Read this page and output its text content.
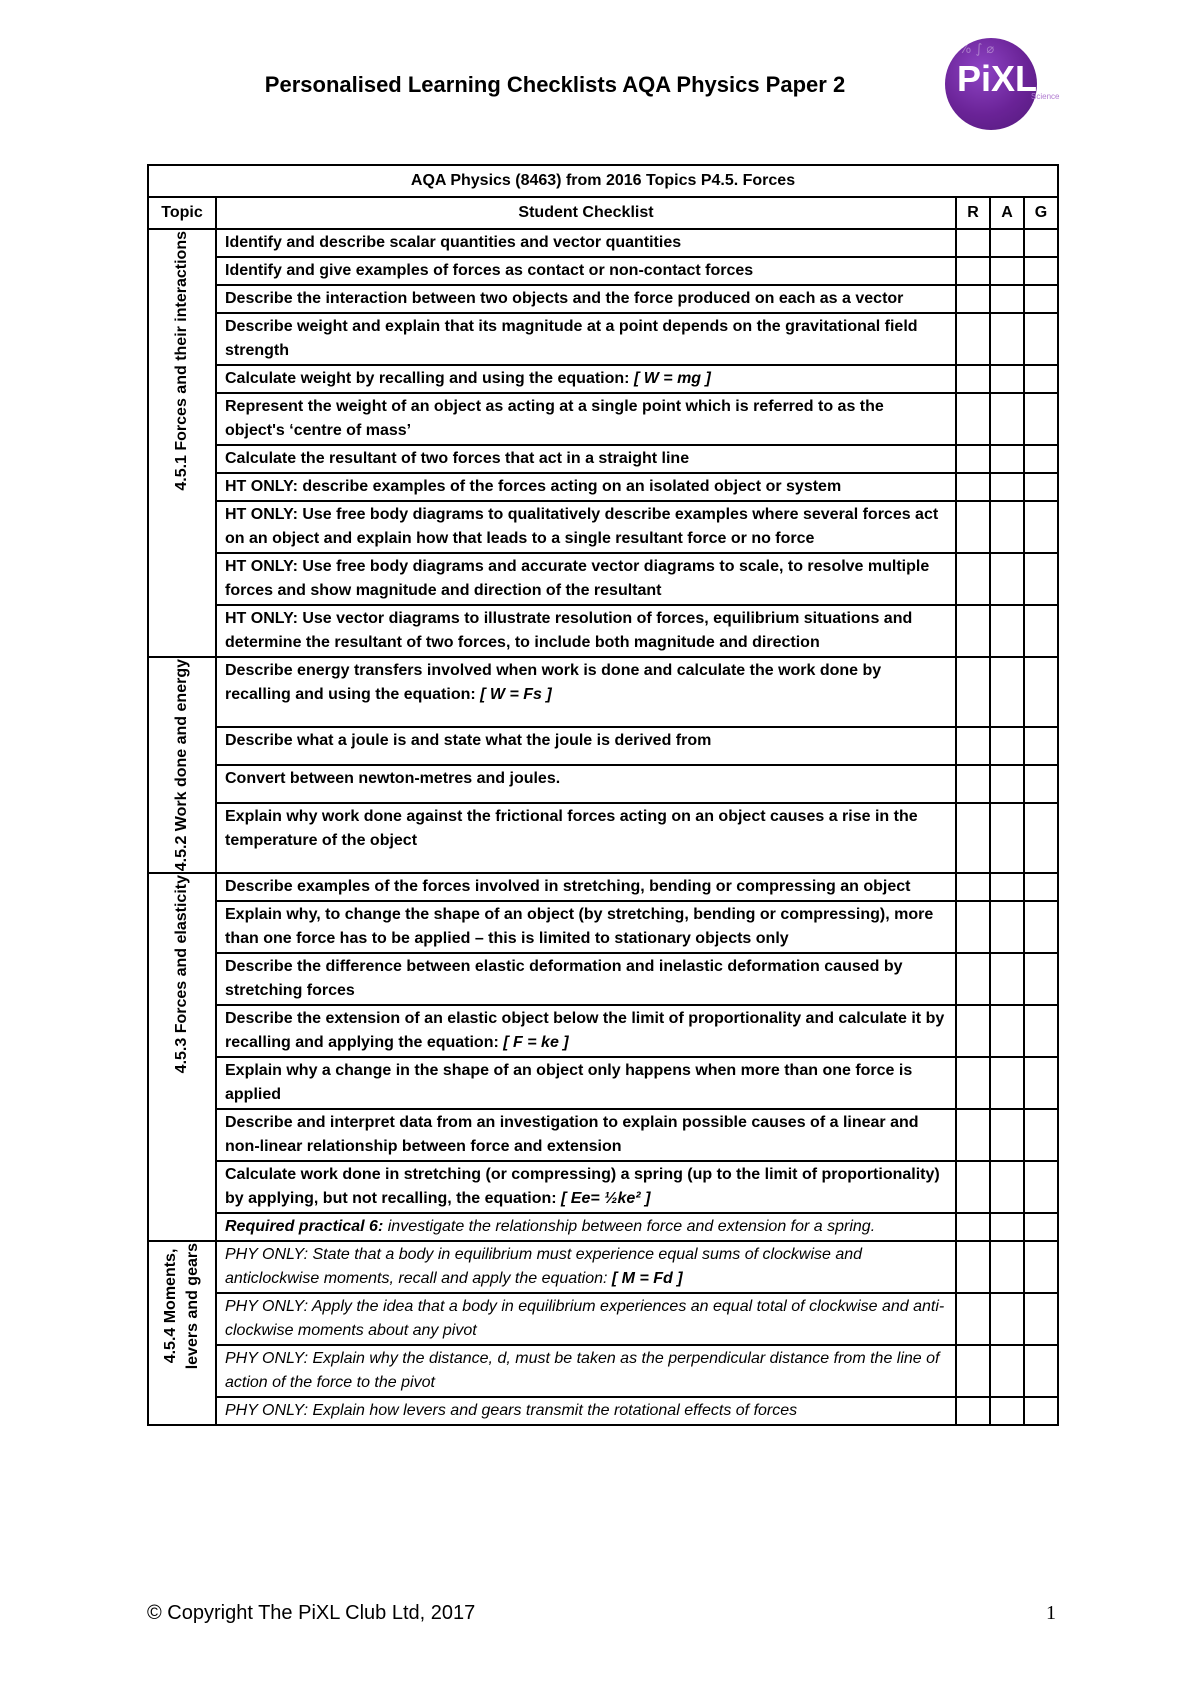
Personalised Learning Checklists AQA Physics Paper 2
% ∫ ⌀
PiXL
Science
AQA Physics (8463) from 2016 Topics P4.5. Forces				
Topic	Student Checklist	R	A	G

4.5.1 Forces and their interactions	Identify and describe scalar quantities and vector quantities			
	Identify and give examples of forces as contact or non-contact forces			
	Describe the interaction between two objects and the force produced on each as a vector			
	Describe weight and explain that its magnitude at a point depends on the gravitational field strength			
	Calculate weight by recalling and using the equation: [ W = mg ]			
	Represent the weight of an object as acting at a single point which is referred to as the object's ‘centre of mass’			
	Calculate the resultant of two forces that act in a straight line			
	HT ONLY: describe examples of the forces acting on an isolated object or system			
	HT ONLY: Use free body diagrams to qualitatively describe examples where several forces act on an object and explain how that leads to a single resultant force or no force			
	HT ONLY: Use free body diagrams and accurate vector diagrams to scale, to resolve multiple forces and show magnitude and direction of the resultant			
	HT ONLY: Use vector diagrams to illustrate resolution of forces, equilibrium situations and determine the resultant of two forces, to include both magnitude and direction			

4.5.2 Work done and energy	Describe energy transfers involved when work is done and calculate the work done by recalling and using the equation: [ W = Fs ]			
	Describe what a joule is and state what the joule is derived from			
	Convert between newton-metres and joules.			
	Explain why work done against the frictional forces acting on an object causes a rise in the temperature of the object			

4.5.3 Forces and elasticity	Describe examples of the forces involved in stretching, bending or compressing an object			
	Explain why, to change the shape of an object (by stretching, bending or compressing), more than one force has to be applied – this is limited to stationary objects only			
	Describe the difference between elastic deformation and inelastic deformation caused by stretching forces			
	Describe the extension of an elastic object below the limit of proportionality and calculate it by recalling and applying the equation: [ F = ke ]			
	Explain why a change in the shape of an object only happens when more than one force is applied			
	Describe and interpret data from an investigation to explain possible causes of a linear and non-linear relationship between force and extension			
	Calculate work done in stretching (or compressing) a spring (up to the limit of proportionality) by applying, but not recalling, the equation: [ Ee= ½ke² ]			
	Required practical 6: investigate the relationship between force and extension for a spring.			

4.5.4 Moments, levers and gears	PHY ONLY: State that a body in equilibrium must experience equal sums of clockwise and anticlockwise moments, recall and apply the equation: [ M = Fd ]			
	PHY ONLY: Apply the idea that a body in equilibrium experiences an equal total of clockwise and anti-clockwise moments about any pivot			
	PHY ONLY: Explain why the distance, d, must be taken as the perpendicular distance from the line of action of the force to the pivot			
	PHY ONLY: Explain how levers and gears transmit the rotational effects of forces			
© Copyright The PiXL Club Ltd, 2017	1
